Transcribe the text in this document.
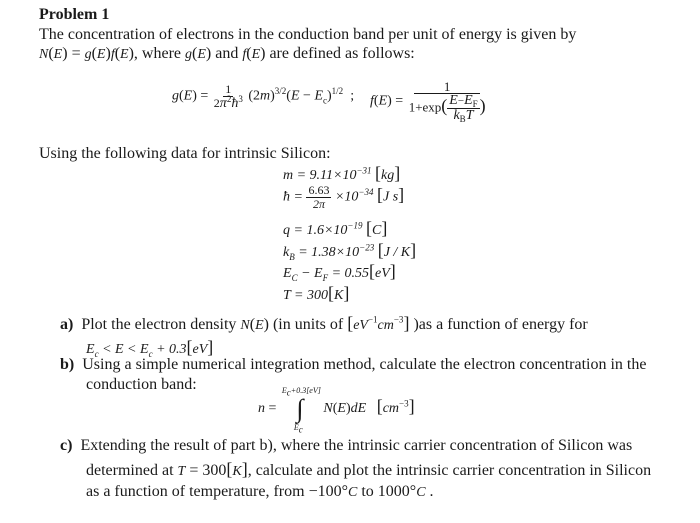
Problem 1
The concentration of electrons in the conduction band per unit of energy is given by
N(E) = g(E)f(E), where g(E) and f(E) are defined as follows:
$g(E) = \frac{1}{2\pi^2ħ^3} (2m)^{3/2}(E - E_c)^{1/2}$  ; $f(E) = \frac{1}{1+\exp( \frac{E-E_F}{k_BT} )}$
Using the following data for intrinsic Silicon:
$m = 9.11\times 10^{-31}$ [kg]
ħ = $\frac{6.63}{2\pi} \times 10^{-34}$ [J s]
$q = 1.6\times 10^{-19}$ [C]
$k_B = 1.38\times 10^{-23}$ [J / K]
$E_C - E_F = 0.55[eV]$
T = 300[K]
a) Plot the electron density N(E) (in units of $[eV^{-1}cm^{-3}]$ )as a function of energy for
$E_c < E < E_c + 0.3[eV]$
b) Using a simple numerical integration method, calculate the electron concentration in the
conduction band:
n =
$E_c+0.3[eV]$
∫
$E_c$
N(E)dE $[cm^{-3}]$
c) Extending the result of part b), where the intrinsic carrier concentration of Silicon was
determined at T = 300[K], calculate and plot the intrinsic carrier concentration in Silicon
as a function of temperature, from −100°C to 1000°C .
